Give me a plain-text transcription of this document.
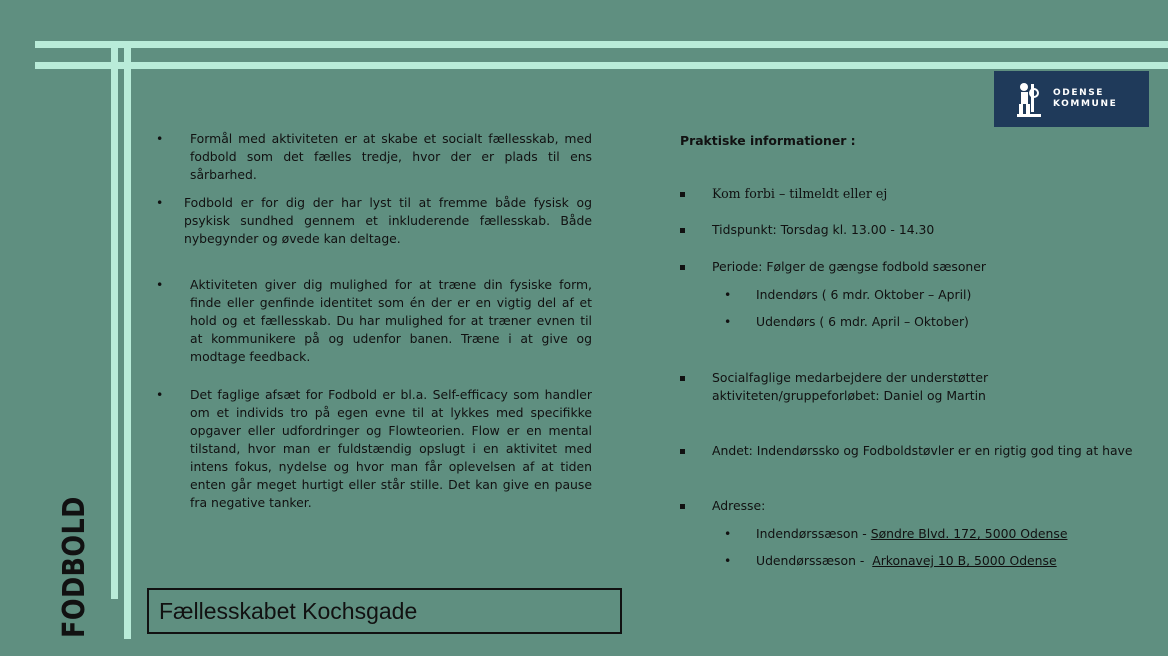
ODENSE
KOMMUNE
FODBOLD
• Formål med aktiviteten er at skabe et socialt fællesskab, med fodbold som det fælles tredje, hvor der er plads til ens sårbarhed.
• Fodbold er for dig der har lyst til at fremme både fysisk og psykisk sundhed gennem et inkluderende fællesskab. Både nybegynder og øvede kan deltage.
• Aktiviteten giver dig mulighed for at træne din fysiske form, finde eller genfinde identitet som én der er en vigtig del af et hold og et fællesskab. Du har mulighed for at træner evnen til at kommunikere på og udenfor banen. Træne i at give og modtage feedback.
• Det faglige afsæt for Fodbold er bl.a. Self-efficacy som handler om et individs tro på egen evne til at lykkes med specifikke opgaver eller udfordringer og Flowteorien. Flow er en mental tilstand, hvor man er fuldstændig opslugt i en aktivitet med intens fokus, nydelse og hvor man får oplevelsen af at tiden enten går meget hurtigt eller står stille. Det kan give en pause fra negative tanker.
Praktiske informationer :
Kom forbi – tilmeldt eller ej
Tidspunkt: Torsdag kl. 13.00 - 14.30
Periode: Følger de gængse fodbold sæsoner
• Indendørs ( 6 mdr. Oktober – April)
• Udendørs ( 6 mdr. April – Oktober)
Socialfaglige medarbejdere der understøtter aktiviteten/gruppeforløbet: Daniel og Martin
Andet: Indendørssko og Fodboldstøvler er en rigtig god ting at have
Adresse:
• Indendørssæson - Søndre Blvd. 172, 5000 Odense
• Udendørssæson -  Arkonavej 10 B, 5000 Odense
Fællesskabet Kochsgade
